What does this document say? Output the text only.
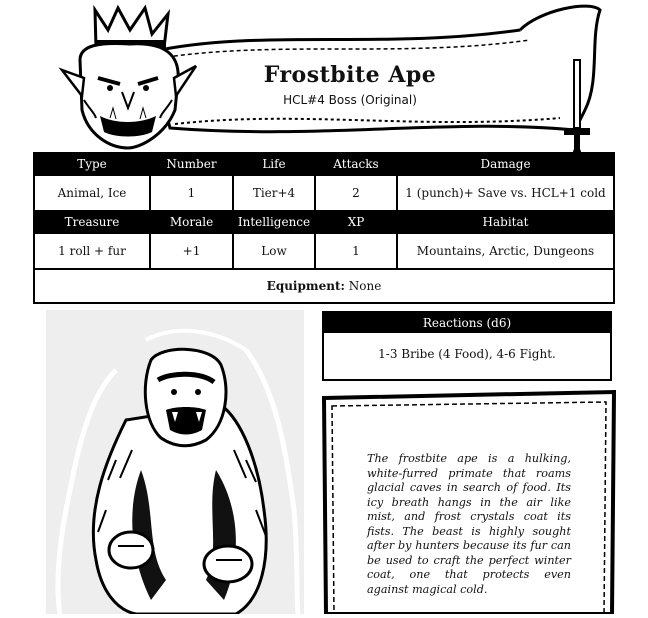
Frostbite Ape
HCL#4 Boss (Original)
Type	Number	Life	Attacks	Damage
Animal, Ice	1	Tier+4	2	1 (punch)+ Save vs. HCL+1 cold
Treasure	Morale	Intelligence	XP	Habitat
1 roll + fur	+1	Low	1	Mountains, Arctic, Dungeons
Equipment: None				
Reactions (d6)
1-3 Bribe (4 Food), 4-6 Fight.

The frostbite ape is a hulking, white-furred primate that roams glacial caves in search of food. Its icy breath hangs in the air like mist, and frost crystals coat its fists. The beast is highly sought after by hunters because its fur can be used to craft the perfect winter coat, one that protects even against magical cold.
